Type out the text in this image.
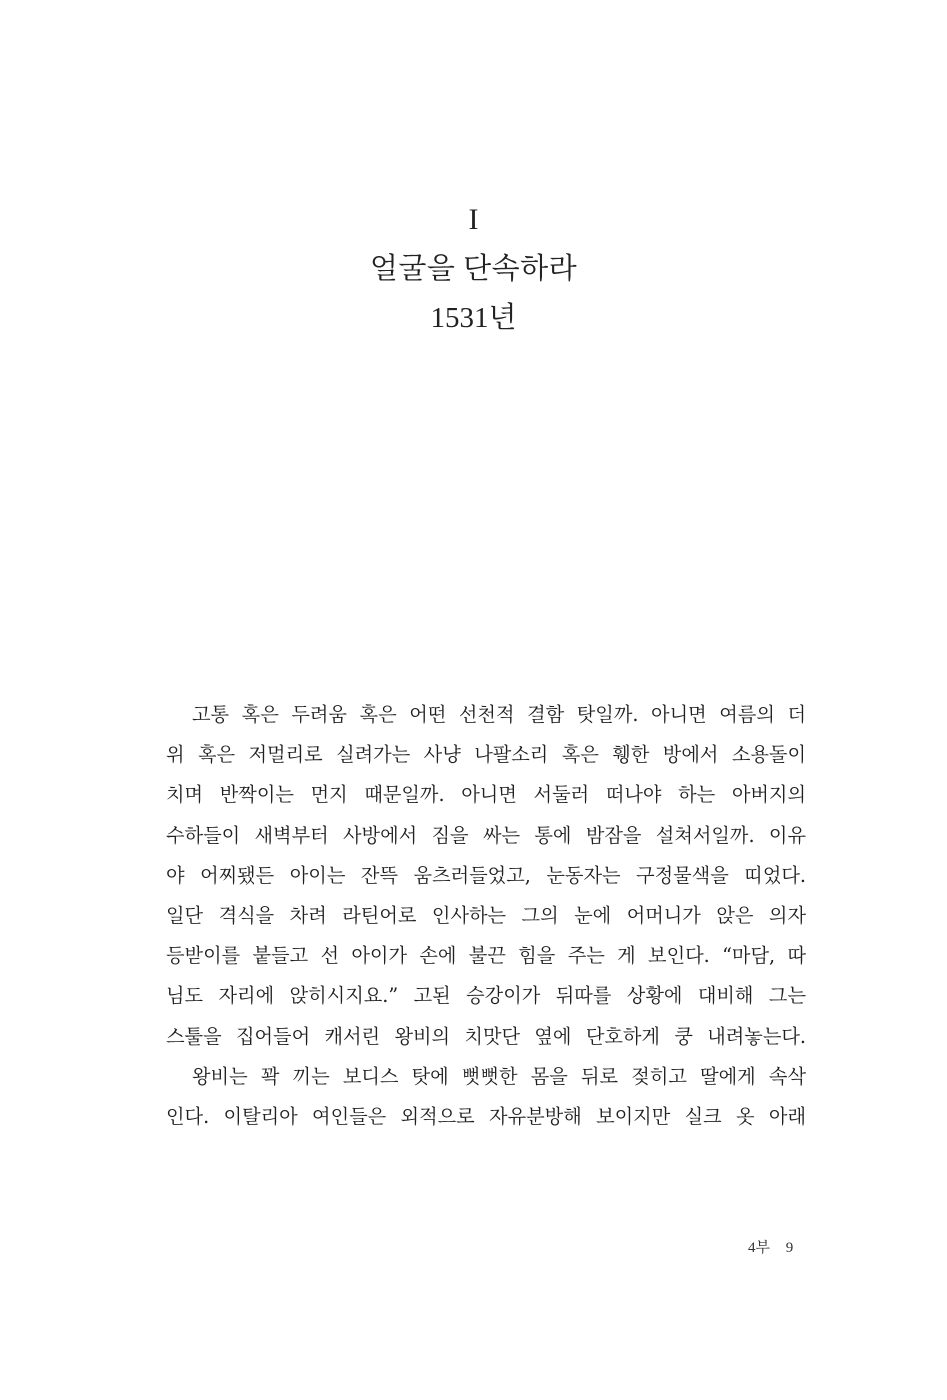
I
얼굴을 단속하라
1531년
고통 혹은 두려움 혹은 어떤 선천적 결함 탓일까. 아니면 여름의 더
위 혹은 저멀리로 실려가는 사냥 나팔소리 혹은 휑한 방에서 소용돌이
치며 반짝이는 먼지 때문일까. 아니면 서둘러 떠나야 하는 아버지의
수하들이 새벽부터 사방에서 짐을 싸는 통에 밤잠을 설쳐서일까. 이유
야 어찌됐든 아이는 잔뜩 움츠러들었고, 눈동자는 구정물색을 띠었다.
일단 격식을 차려 라틴어로 인사하는 그의 눈에 어머니가 앉은 의자
등받이를 붙들고 선 아이가 손에 불끈 힘을 주는 게 보인다. “마담, 따
님도 자리에 앉히시지요.” 고된 승강이가 뒤따를 상황에 대비해 그는
스툴을 집어들어 캐서린 왕비의 치맛단 옆에 단호하게 쿵 내려놓는다.
왕비는 꽉 끼는 보디스 탓에 뻣뻣한 몸을 뒤로 젖히고 딸에게 속삭
인다. 이탈리아 여인들은 외적으로 자유분방해 보이지만 실크 옷 아래
4부 9
